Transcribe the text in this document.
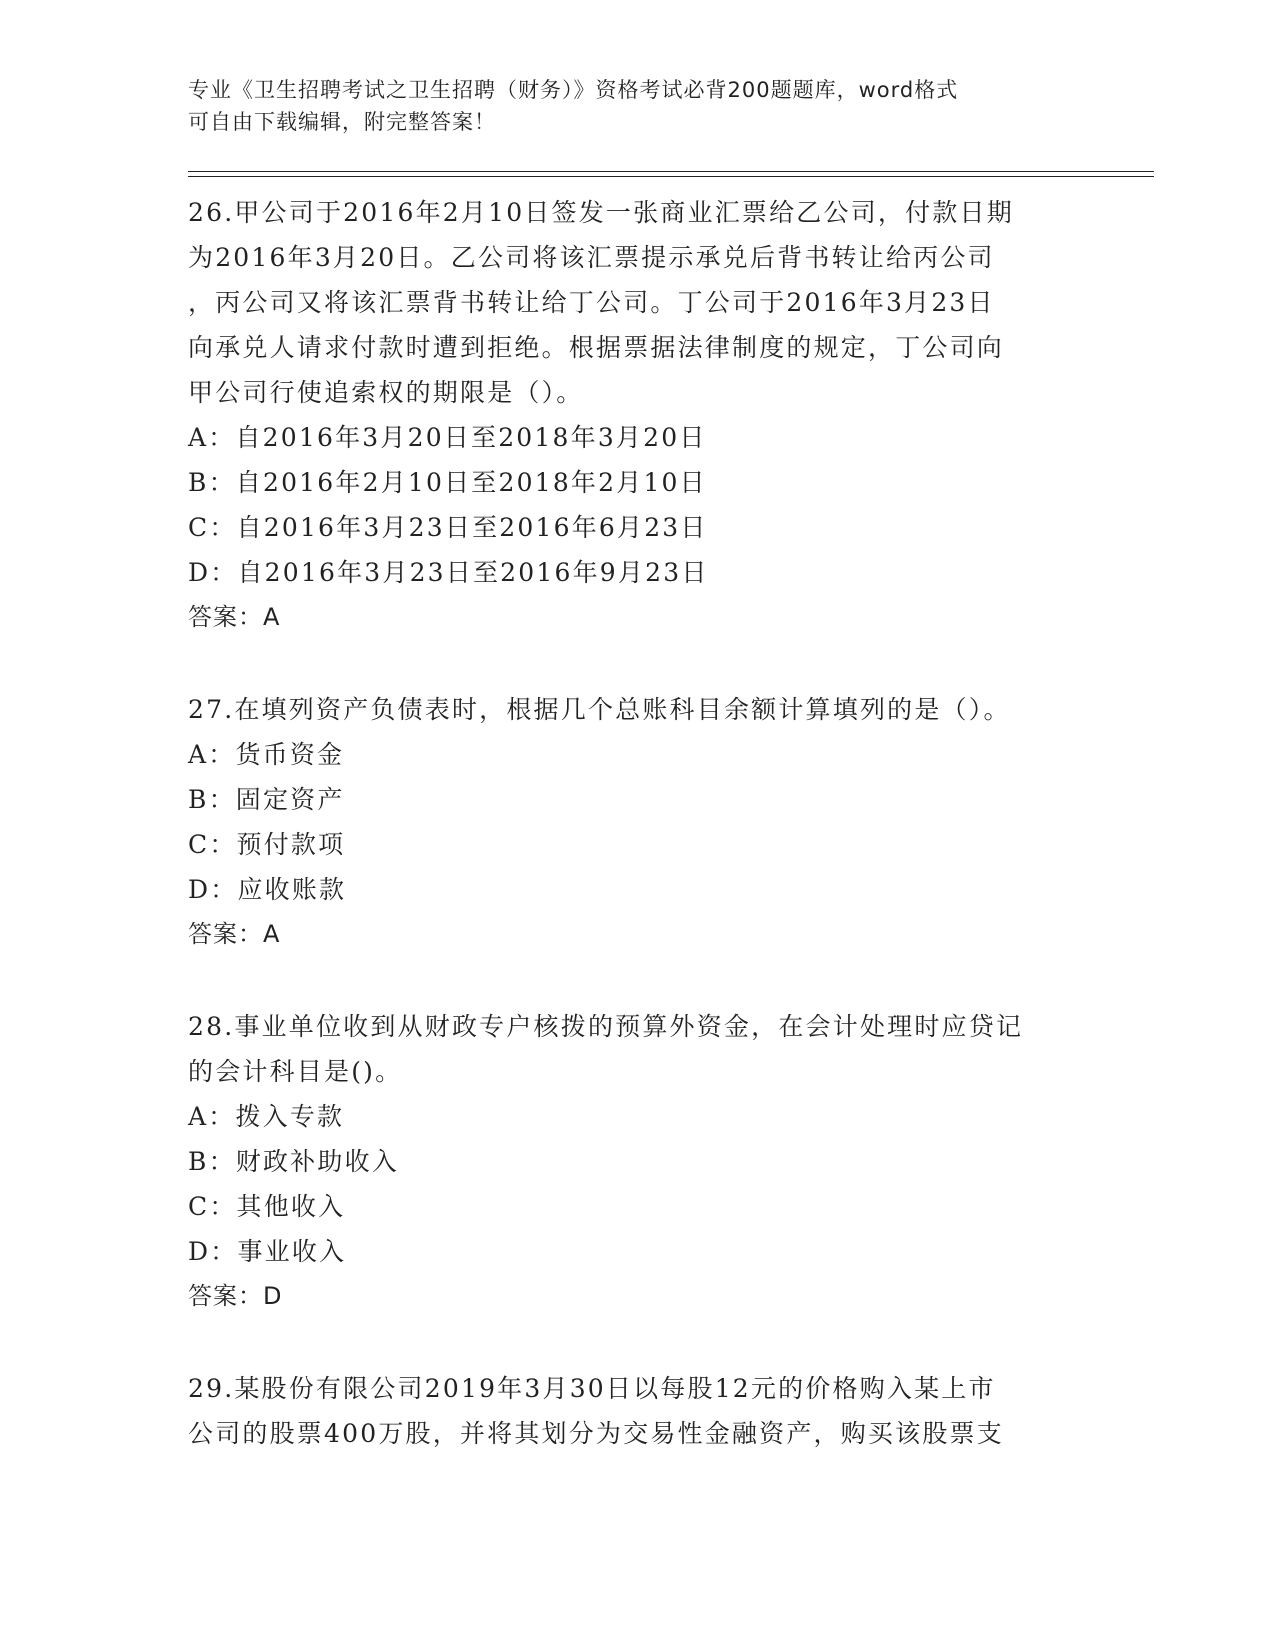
专业《卫生招聘考试之卫生招聘（财务）》资格考试必背200题题库，word格式
可自由下载编辑，附完整答案！
26.甲公司于2016年2月10日签发一张商业汇票给乙公司，付款日期
为2016年3月20日。乙公司将该汇票提示承兑后背书转让给丙公司
，丙公司又将该汇票背书转让给丁公司。丁公司于2016年3月23日
向承兑人请求付款时遭到拒绝。根据票据法律制度的规定，丁公司向
甲公司行使追索权的期限是（）。
A：自2016年3月20日至2018年3月20日
B：自2016年2月10日至2018年2月10日
C：自2016年3月23日至2016年6月23日
D：自2016年3月23日至2016年9月23日
答案：A
27.在填列资产负债表时，根据几个总账科目余额计算填列的是（）。
A：货币资金
B：固定资产
C：预付款项
D：应收账款
答案：A
28.事业单位收到从财政专户核拨的预算外资金，在会计处理时应贷记
的会计科目是()。
A：拨入专款
B：财政补助收入
C：其他收入
D：事业收入
答案：D
29.某股份有限公司2019年3月30日以每股12元的价格购入某上市
公司的股票400万股，并将其划分为交易性金融资产，购买该股票支
